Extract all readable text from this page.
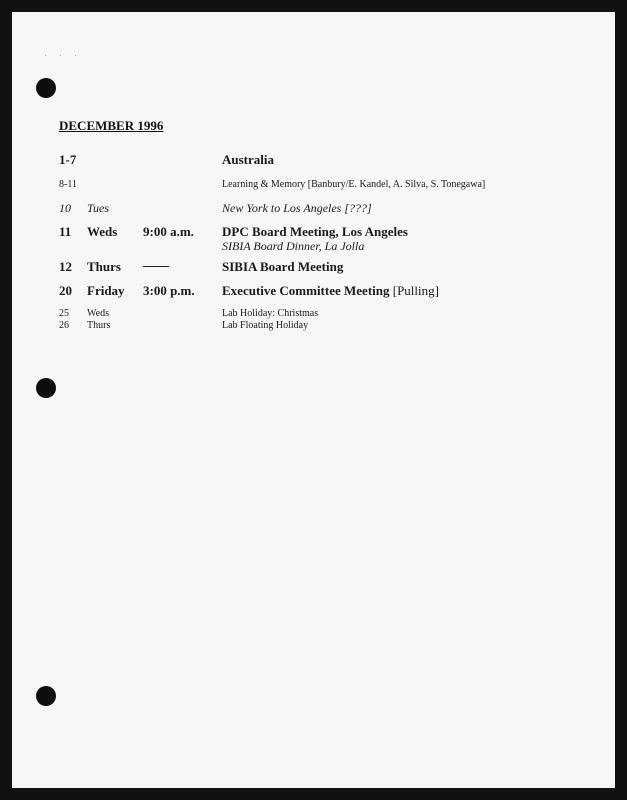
. . .
DECEMBER 1996
1-7	Australia
8-11	Learning & Memory [Banbury/E. Kandel, A. Silva, S. Tonegawa]
10 Tues	New York to Los Angeles [???]
11 Weds 9:00 a.m. DPC Board Meeting, Los Angeles
SIBIA Board Dinner, La Jolla
12 Thurs	SIBIA Board Meeting
20 Friday 3:00 p.m. Executive Committee Meeting [Pulling]
25 Weds	Lab Holiday: Christmas
26 Thurs	Lab Floating Holiday
